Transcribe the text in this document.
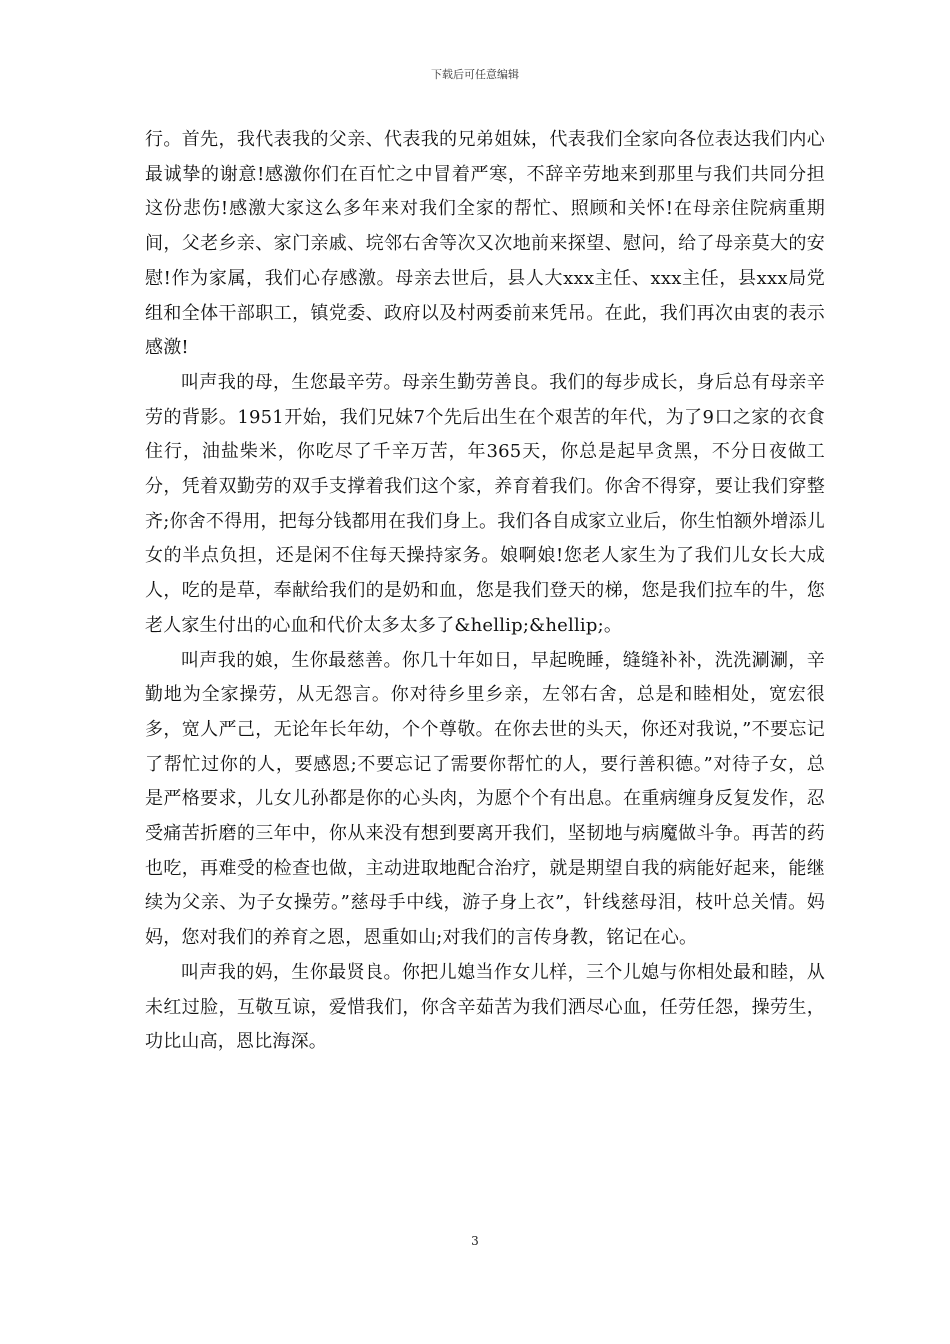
下载后可任意编辑

行。首先，我代表我的父亲、代表我的兄弟姐妹，代表我们全家向各位表达我们内心最诚挚的谢意!感激你们在百忙之中冒着严寒，不辞辛劳地来到那里与我们共同分担这份悲伤!感激大家这么多年来对我们全家的帮忙、照顾和关怀!在母亲住院病重期间，父老乡亲、家门亲戚、垸邻右舍等次又次地前来探望、慰问，给了母亲莫大的安慰!作为家属，我们心存感激。母亲去世后，县人大xxx主任、xxx主任，县xxx局党组和全体干部职工，镇党委、政府以及村两委前来凭吊。在此，我们再次由衷的表示感激!

叫声我的母，生您最辛劳。母亲生勤劳善良。我们的每步成长，身后总有母亲辛劳的背影。1951开始，我们兄妹7个先后出生在个艰苦的年代，为了9口之家的衣食住行，油盐柴米，你吃尽了千辛万苦，年365天，你总是起早贪黑，不分日夜做工分，凭着双勤劳的双手支撑着我们这个家，养育着我们。你舍不得穿，要让我们穿整齐;你舍不得用，把每分钱都用在我们身上。我们各自成家立业后，你生怕额外增添儿女的半点负担，还是闲不住每天操持家务。娘啊娘!您老人家生为了我们儿女长大成人，吃的是草，奉献给我们的是奶和血，您是我们登天的梯，您是我们拉车的牛，您老人家生付出的心血和代价太多太多了&hellip;&hellip;。

叫声我的娘，生你最慈善。你几十年如日，早起晚睡，缝缝补补，洗洗涮涮，辛勤地为全家操劳，从无怨言。你对待乡里乡亲，左邻右舍，总是和睦相处，宽宏很多，宽人严己，无论年长年幼，个个尊敬。在你去世的头天，你还对我说，”不要忘记了帮忙过你的人，要感恩;不要忘记了需要你帮忙的人，要行善积德。”对待子女，总是严格要求，儿女儿孙都是你的心头肉，为愿个个有出息。在重病缠身反复发作，忍受痛苦折磨的三年中，你从来没有想到要离开我们，坚韧地与病魔做斗争。再苦的药也吃，再难受的检查也做，主动进取地配合治疗，就是期望自我的病能好起来，能继续为父亲、为子女操劳。”慈母手中线，游子身上衣”，针线慈母泪，枝叶总关情。妈妈，您对我们的养育之恩，恩重如山;对我们的言传身教，铭记在心。

叫声我的妈，生你最贤良。你把儿媳当作女儿样，三个儿媳与你相处最和睦，从未红过脸，互敬互谅，爱惜我们，你含辛茹苦为我们洒尽心血，任劳任怨，操劳生，功比山高，恩比海深。

3
